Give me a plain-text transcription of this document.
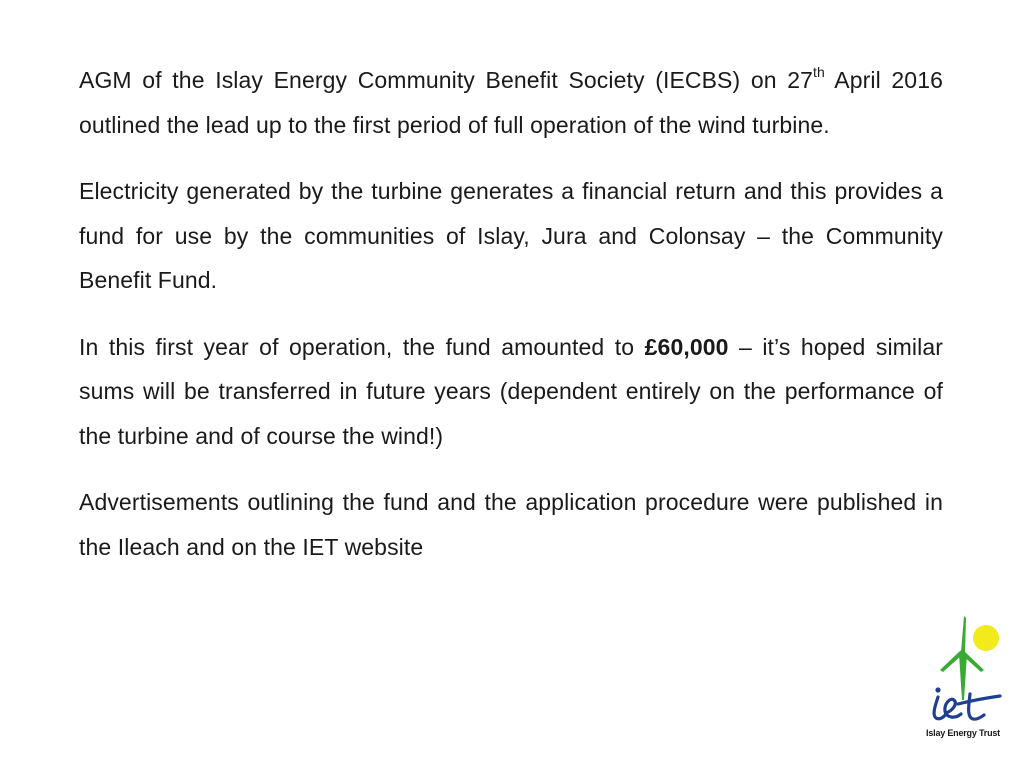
AGM of the Islay Energy Community Benefit Society (IECBS) on 27th April 2016 outlined the lead up to the first period of full operation of the wind turbine.

Electricity generated by the turbine generates a financial return and this provides a fund for use by the communities of Islay, Jura and Colonsay – the Community Benefit Fund.

In this first year of operation, the fund amounted to £60,000 – it’s hoped similar sums will be transferred in future years (dependent entirely on the performance of the turbine and of course the wind!)

Advertisements outlining the fund and the application procedure were published in the Ileach and on the IET website

Islay Energy Trust
